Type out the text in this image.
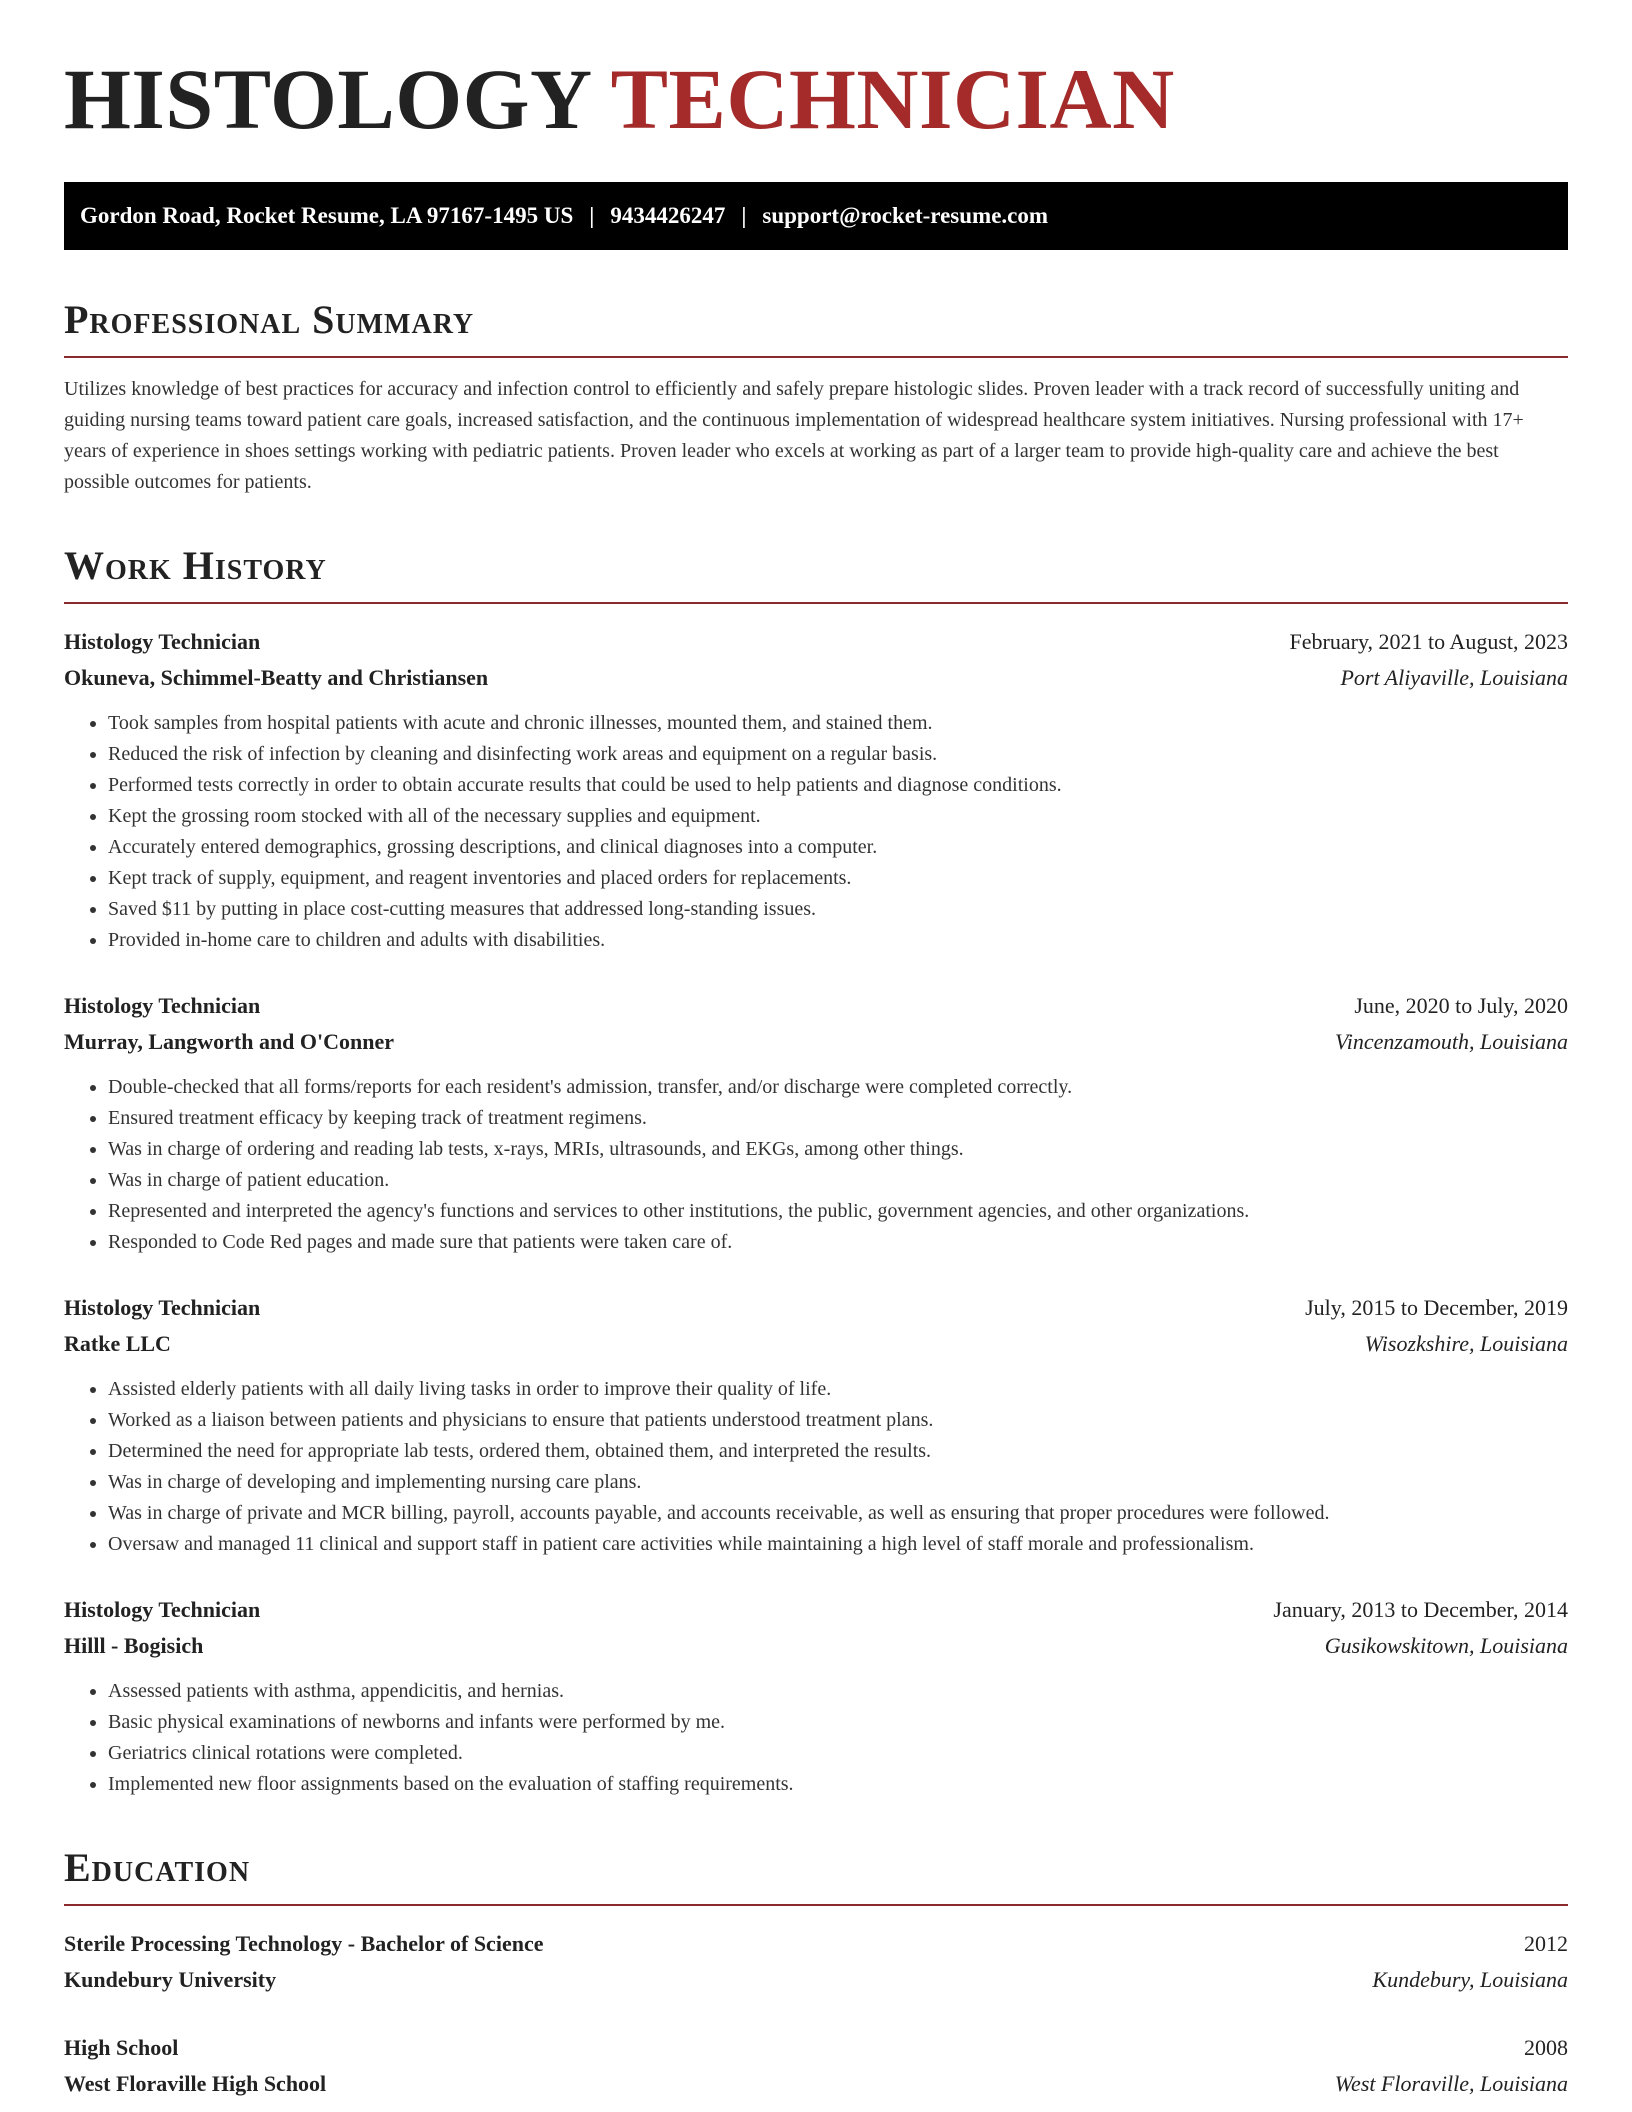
HISTOLOGY TECHNICIAN
Gordon Road, Rocket Resume, LA 97167-1495 US | 9434426247 | support@rocket-resume.com
Professional Summary

Utilizes knowledge of best practices for accuracy and infection control to efficiently and safely prepare histologic slides. Proven leader with a track record of successfully uniting and guiding nursing teams toward patient care goals, increased satisfaction, and the continuous implementation of widespread healthcare system initiatives. Nursing professional with 17+ years of experience in shoes settings working with pediatric patients. Proven leader who excels at working as part of a larger team to provide high-quality care and achieve the best possible outcomes for patients.

Work History
Histology Technician	February, 2021 to August, 2023
Okuneva, Schimmel-Beatty and Christiansen	Port Aliyaville, Louisiana
• Took samples from hospital patients with acute and chronic illnesses, mounted them, and stained them.
• Reduced the risk of infection by cleaning and disinfecting work areas and equipment on a regular basis.
• Performed tests correctly in order to obtain accurate results that could be used to help patients and diagnose conditions.
• Kept the grossing room stocked with all of the necessary supplies and equipment.
• Accurately entered demographics, grossing descriptions, and clinical diagnoses into a computer.
• Kept track of supply, equipment, and reagent inventories and placed orders for replacements.
• Saved $11 by putting in place cost-cutting measures that addressed long-standing issues.
• Provided in-home care to children and adults with disabilities.
Histology Technician	June, 2020 to July, 2020
Murray, Langworth and O'Conner	Vincenzamouth, Louisiana
• Double-checked that all forms/reports for each resident's admission, transfer, and/or discharge were completed correctly.
• Ensured treatment efficacy by keeping track of treatment regimens.
• Was in charge of ordering and reading lab tests, x-rays, MRIs, ultrasounds, and EKGs, among other things.
• Was in charge of patient education.
• Represented and interpreted the agency's functions and services to other institutions, the public, government agencies, and other organizations.
• Responded to Code Red pages and made sure that patients were taken care of.
Histology Technician	July, 2015 to December, 2019
Ratke LLC	Wisozkshire, Louisiana
• Assisted elderly patients with all daily living tasks in order to improve their quality of life.
• Worked as a liaison between patients and physicians to ensure that patients understood treatment plans.
• Determined the need for appropriate lab tests, ordered them, obtained them, and interpreted the results.
• Was in charge of developing and implementing nursing care plans.
• Was in charge of private and MCR billing, payroll, accounts payable, and accounts receivable, as well as ensuring that proper procedures were followed.
• Oversaw and managed 11 clinical and support staff in patient care activities while maintaining a high level of staff morale and professionalism.
Histology Technician	January, 2013 to December, 2014
Hilll - Bogisich	Gusikowskitown, Louisiana
• Assessed patients with asthma, appendicitis, and hernias.
• Basic physical examinations of newborns and infants were performed by me.
• Geriatrics clinical rotations were completed.
• Implemented new floor assignments based on the evaluation of staffing requirements.
Education
Sterile Processing Technology - Bachelor of Science	2012
Kundebury University	Kundebury, Louisiana
High School	2008
West Floraville High School	West Floraville, Louisiana
